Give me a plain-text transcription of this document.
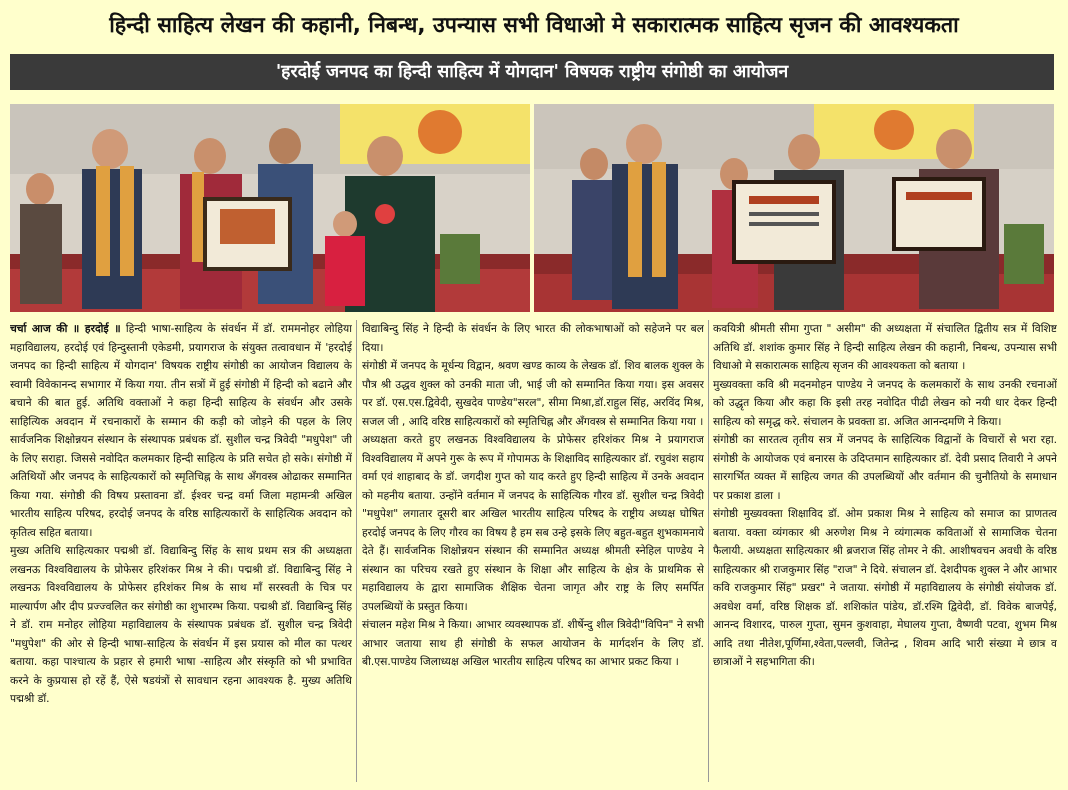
हिन्दी साहित्य लेखन की कहानी, निबन्ध, उपन्यास सभी विधाओ मे सकारात्मक साहित्य सृजन की आवश्यकता
'हरदोई जनपद का हिन्दी साहित्य में योगदान' विषयक राष्ट्रीय संगोष्ठी का आयोजन

चर्चा आज की ॥ हरदोई ॥ हिन्दी भाषा-साहित्य के संवर्धन में डॉ. राममनोहर लोहिया महाविद्यालय, हरदोई एवं हिन्दुस्तानी एकेडमी, प्रयागराज के संयुक्त तत्वावधान में 'हरदोई जनपद का हिन्दी साहित्य में योगदान' विषयक राष्ट्रीय संगोष्ठी का आयोजन विद्यालय के स्वामी विवेकानन्द सभागार में किया गया. तीन सत्रों में हुई संगोष्ठी में हिन्दी को बढाने और बचाने की बात हुई. अतिथि वक्ताओं ने कहा हिन्दी साहित्य के संवर्धन और उसके साहित्यिक अवदान में रचनाकारों के सम्मान की कड़ी को जोड़ने की पहल के लिए सार्वजनिक शिक्षोन्नयन संस्थान के संस्थापक प्रबंधक डॉ. सुशील चन्द्र त्रिवेदी "मधुपेश" जी के लिए सराहा. जिससे नवोदित कलमकार हिन्दी साहित्य के प्रति सचेत हो सके। संगोष्ठी में अतिथियों और जनपद के साहित्यकारों को स्मृतिचिह्न के साथ अँगवस्त्र ओढाकर सम्मानित किया गया. संगोष्ठी की विषय प्रस्तावना डॉ. ईश्वर चन्द्र वर्मा जिला महामन्त्री अखिल भारतीय साहित्य परिषद, हरदोई जनपद के वरिष्ठ साहित्यकारों के साहित्यिक अवदान को कृतित्व सहित बताया।

मुख्य अतिथि साहित्यकार पद्मश्री डॉ. विद्याबिन्दु सिंह के साथ प्रथम सत्र की अध्यक्षता लखनऊ विश्वविद्यालय के प्रोफेसर हरिशंकर मिश्र ने की। पद्मश्री डॉ. विद्याबिन्दु सिंह ने लखनऊ विश्वविद्यालय के प्रोफेसर हरिशंकर मिश्र के साथ माँ सरस्वती के चित्र पर माल्यार्पण और दीप प्रज्ज्वलित कर संगोष्ठी का शुभारम्भ किया. पद्मश्री डॉ. विद्याबिन्दु सिंह ने डॉ. राम मनोहर लोहिया महाविद्यालय के संस्थापक प्रबंधक डॉ. सुशील चन्द्र त्रिवेदी "मधुपेश" की ओर से हिन्दी भाषा-साहित्य के संवर्धन में इस प्रयास को मील का पत्थर बताया. कहा पाश्चात्य के प्रहार से हमारी भाषा -साहित्य और संस्कृति को भी प्रभावित करने के कुप्रयास हो रहें हैं, ऐसे षडयंत्रों से सावधान रहना आवश्यक है. मुख्य अतिथि पद्मश्री डॉ.

विद्याबिन्दु सिंह ने हिन्दी के संवर्धन के लिए भारत की लोकभाषाओं को सहेजने पर बल दिया।

संगोष्ठी में जनपद के मूर्धन्य विद्वान, श्रवण खण्ड काव्य के लेखक डॉ. शिव बालक शुक्ल के पौत्र श्री उद्धव शुक्ल को उनकी माता जी, भाई जी को सम्मानित किया गया। इस अवसर पर डॉ. एस.एस.द्विवेदी, सुखदेव पाण्डेय"सरल", सीमा मिश्रा,डॉ.राहुल सिंह, अरविंद मिश्र, सजल जी , आदि वरिष्ठ साहित्यकारों को स्मृतिचिह्न और अँगवस्त्र से सम्मानित किया गया ।

अध्यक्षता करते हुए लखनऊ विश्वविद्यालय के प्रोफेसर हरिशंकर मिश्र ने प्रयागराज विश्वविद्यालय में अपने गुरू के रूप में गोपामऊ के शिक्षाविद साहित्यकार डॉ. रघुवंश सहाय वर्मा एवं शाहाबाद के डॉ. जगदीश गुप्त को याद करते हुए हिन्दी साहित्य में उनके अवदान को महनीय बताया. उन्होंने वर्तमान में जनपद के साहित्यिक गौरव डॉ. सुशील चन्द्र त्रिवेदी "मधुपेश" लगातार दूसरी बार अखिल भारतीय साहित्य परिषद के राष्ट्रीय अध्यक्ष घोषित हरदोई जनपद के लिए गौरव का विषय है हम सब उन्हे इसके लिए बहुत-बहुत शुभकामनाये देते हैं। सार्वजनिक शिक्षोन्नयन संस्थान की सम्मानित अध्यक्ष श्रीमती स्नेहिल पाण्डेय ने संस्थान का परिचय रखते हुए संस्थान के शिक्षा और साहित्य के क्षेत्र के प्राथमिक से महाविद्यालय के द्वारा सामाजिक शैक्षिक चेतना जागृत और राष्ट्र के लिए समर्पित उपलब्धियों के प्रस्तुत किया।

संचालन महेश मिश्र ने किया। आभार व्यवस्थापक डॉ. शीर्षेन्दु शील त्रिवेदी"विपिन" ने सभी आभार जताया साथ ही संगोष्ठी के सफल आयोजन के मार्गदर्शन के लिए डॉ. बी.एस.पाण्डेय जिलाध्यक्ष अखिल भारतीय साहित्य परिषद का आभार प्रकट किया ।

कवयित्री श्रीमती सीमा गुप्ता " असीम" की अध्यक्षता में संचालित द्वितीय सत्र में विशिष्ट अतिथि डॉ. शशांक कुमार सिंह ने हिन्दी साहित्य लेखन की कहानी, निबन्ध, उपन्यास सभी विधाओ मे सकारात्मक साहित्य सृजन की आवश्यकता को बताया ।

मुख्यवक्ता कवि श्री मदनमोहन पाण्डेय ने जनपद के कलमकारों के साथ उनकी रचनाओं को उद्धृत किया और कहा कि इसी तरह नवोदित पीढी लेखन को नयी धार देकर हिन्दी साहित्य को समृद्ध करे. संचालन के प्रवक्ता डा. अजित आनन्दमणि ने किया।

संगोष्ठी का सारतत्व तृतीय सत्र में जनपद के साहित्यिक विद्वानों के विचारों से भरा रहा. संगोष्ठी के आयोजक एवं बनारस के उदिप्तमान साहित्यकार डॉ. देवी प्रसाद तिवारी ने अपने सारगर्भित व्यक्त में साहित्य जगत की उपलब्धियों और वर्तमान की चुनौतियो के समाधान पर प्रकाश डाला ।

संगोष्ठी मुख्यवक्ता शिक्षाविद डॉ. ओम प्रकाश मिश्र ने साहित्य को समाज का प्राणतत्व बताया. वक्ता व्यंगकार श्री अरुणेश मिश्र ने व्यंगात्मक कविताओं से सामाजिक चेतना फैलायी. अध्यक्षता साहित्यकार श्री ब्रजराज सिंह तोमर ने की. आशीषवचन अवधी के वरिष्ठ साहित्यकार श्री राजकुमार सिंह "राज" ने दिये. संचालन डॉ. देशदीपक शुक्ल ने और आभार कवि राजकुमार सिंह" प्रखर" ने जताया. संगोष्ठी में महाविद्यालय के संगोष्ठी संयोजक डॉ. अवधेश वर्मा, वरिष्ठ शिक्षक डॉ. शशिकांत पांडेय, डॉ.रश्मि द्विवेदी, डॉ. विवेक बाजपेई, आनन्द विशारद, पारुल गुप्ता, सुमन कुशवाहा, मेघालय गुप्ता, वैष्णवी पटवा, शुभम मिश्र आदि तथा नीतेश,पूर्णिमा,श्वेता,पल्लवी, जितेन्द्र , शिवम आदि भारी संख्या मे छात्र व छात्राओं ने सहभागिता की।
